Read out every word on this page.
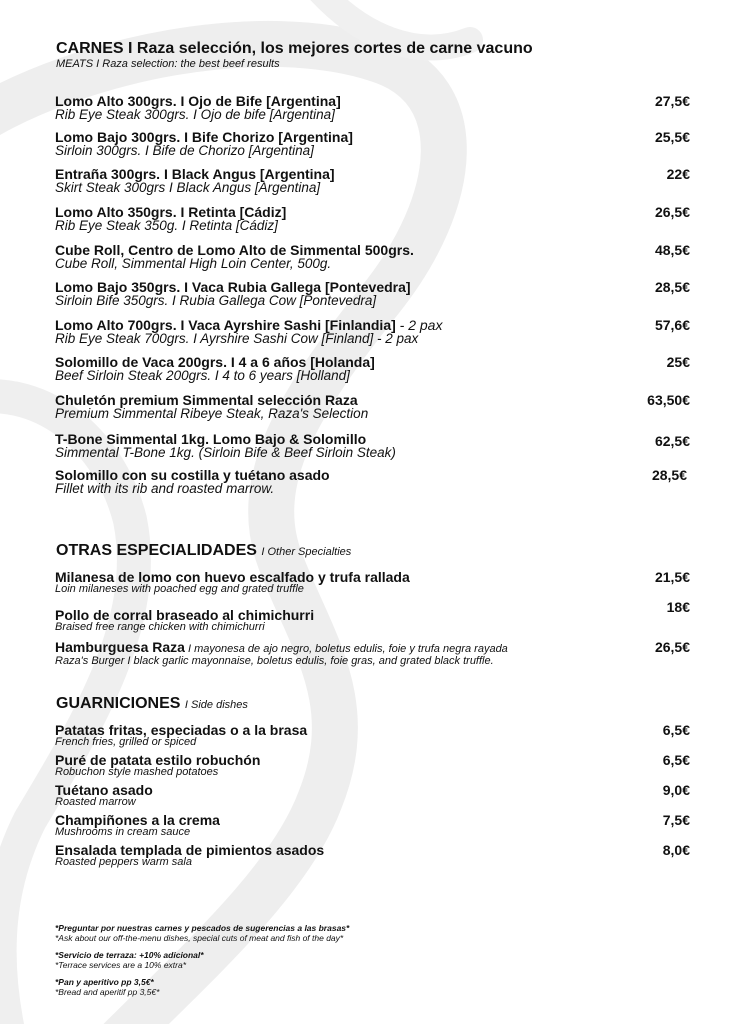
CARNES I Raza selección, los mejores cortes de carne vacuno
MEATS I Raza selection: the best beef results
Lomo Alto 300grs. I Ojo de Bife [Argentina]
Rib Eye Steak 300grs. I Ojo de bife [Argentina]
27,5€
Lomo Bajo 300grs. I Bife Chorizo [Argentina]
Sirloin 300grs. I Bife de Chorizo [Argentina]
25,5€
Entraña 300grs. I Black Angus [Argentina]
Skirt Steak 300grs I Black Angus [Argentina]
22€
Lomo Alto 350grs. I Retinta [Cádiz]
Rib Eye Steak 350g. I Retinta [Cádiz]
26,5€
Cube Roll, Centro de Lomo Alto de Simmental 500grs.
Cube Roll, Simmental High Loin Center, 500g.
48,5€
Lomo Bajo 350grs. I Vaca Rubia Gallega [Pontevedra]
Sirloin Bife 350grs. I Rubia Gallega Cow [Pontevedra]
28,5€
Lomo Alto 700grs. I Vaca Ayrshire Sashi [Finlandia] - 2 pax
Rib Eye Steak 700grs. I Ayrshire Sashi Cow [Finland] - 2 pax
57,6€
Solomillo de Vaca 200grs. I 4 a 6 años [Holanda]
Beef Sirloin Steak 200grs. I 4 to 6 years [Holland]
25€
Chuletón premium Simmental selección Raza
Premium Simmental Ribeye Steak, Raza's Selection
63,50€
T-Bone Simmental 1kg. Lomo Bajo & Solomillo
Simmental T-Bone 1kg. (Sirloin Bife & Beef Sirloin Steak)
62,5€
Solomillo con su costilla y tuétano asado
Fillet with its rib and roasted marrow.
28,5€
OTRAS ESPECIALIDADES I Other Specialties
Milanesa de lomo con huevo escalfado y trufa rallada
Loin milaneses with poached egg and grated truffle
21,5€
Pollo de corral braseado al chimichurri
Braised free range chicken with chimichurri
18€
Hamburguesa Raza I mayonesa de ajo negro, boletus edulis, foie y trufa negra rayada
Raza's Burger I black garlic mayonnaise, boletus edulis, foie gras, and grated black truffle.
26,5€
GUARNICIONES I Side dishes
Patatas fritas, especiadas o a la brasa
French fries, grilled or spiced
6,5€
Puré de patata estilo robuchón
Robuchon style mashed potatoes
6,5€
Tuétano asado
Roasted marrow
9,0€
Champiñones a la crema
Mushrooms in cream sauce
7,5€
Ensalada templada de pimientos asados
Roasted peppers warm sala
8,0€
*Preguntar por nuestras carnes y pescados de sugerencias a las brasas*
*Ask about our off-the-menu dishes, special cuts of meat and fish of the day*
*Servicio de terraza: +10% adicional*
*Terrace services are a 10% extra*
*Pan y aperitivo pp 3,5€*
*Bread and aperitif pp 3,5€*
